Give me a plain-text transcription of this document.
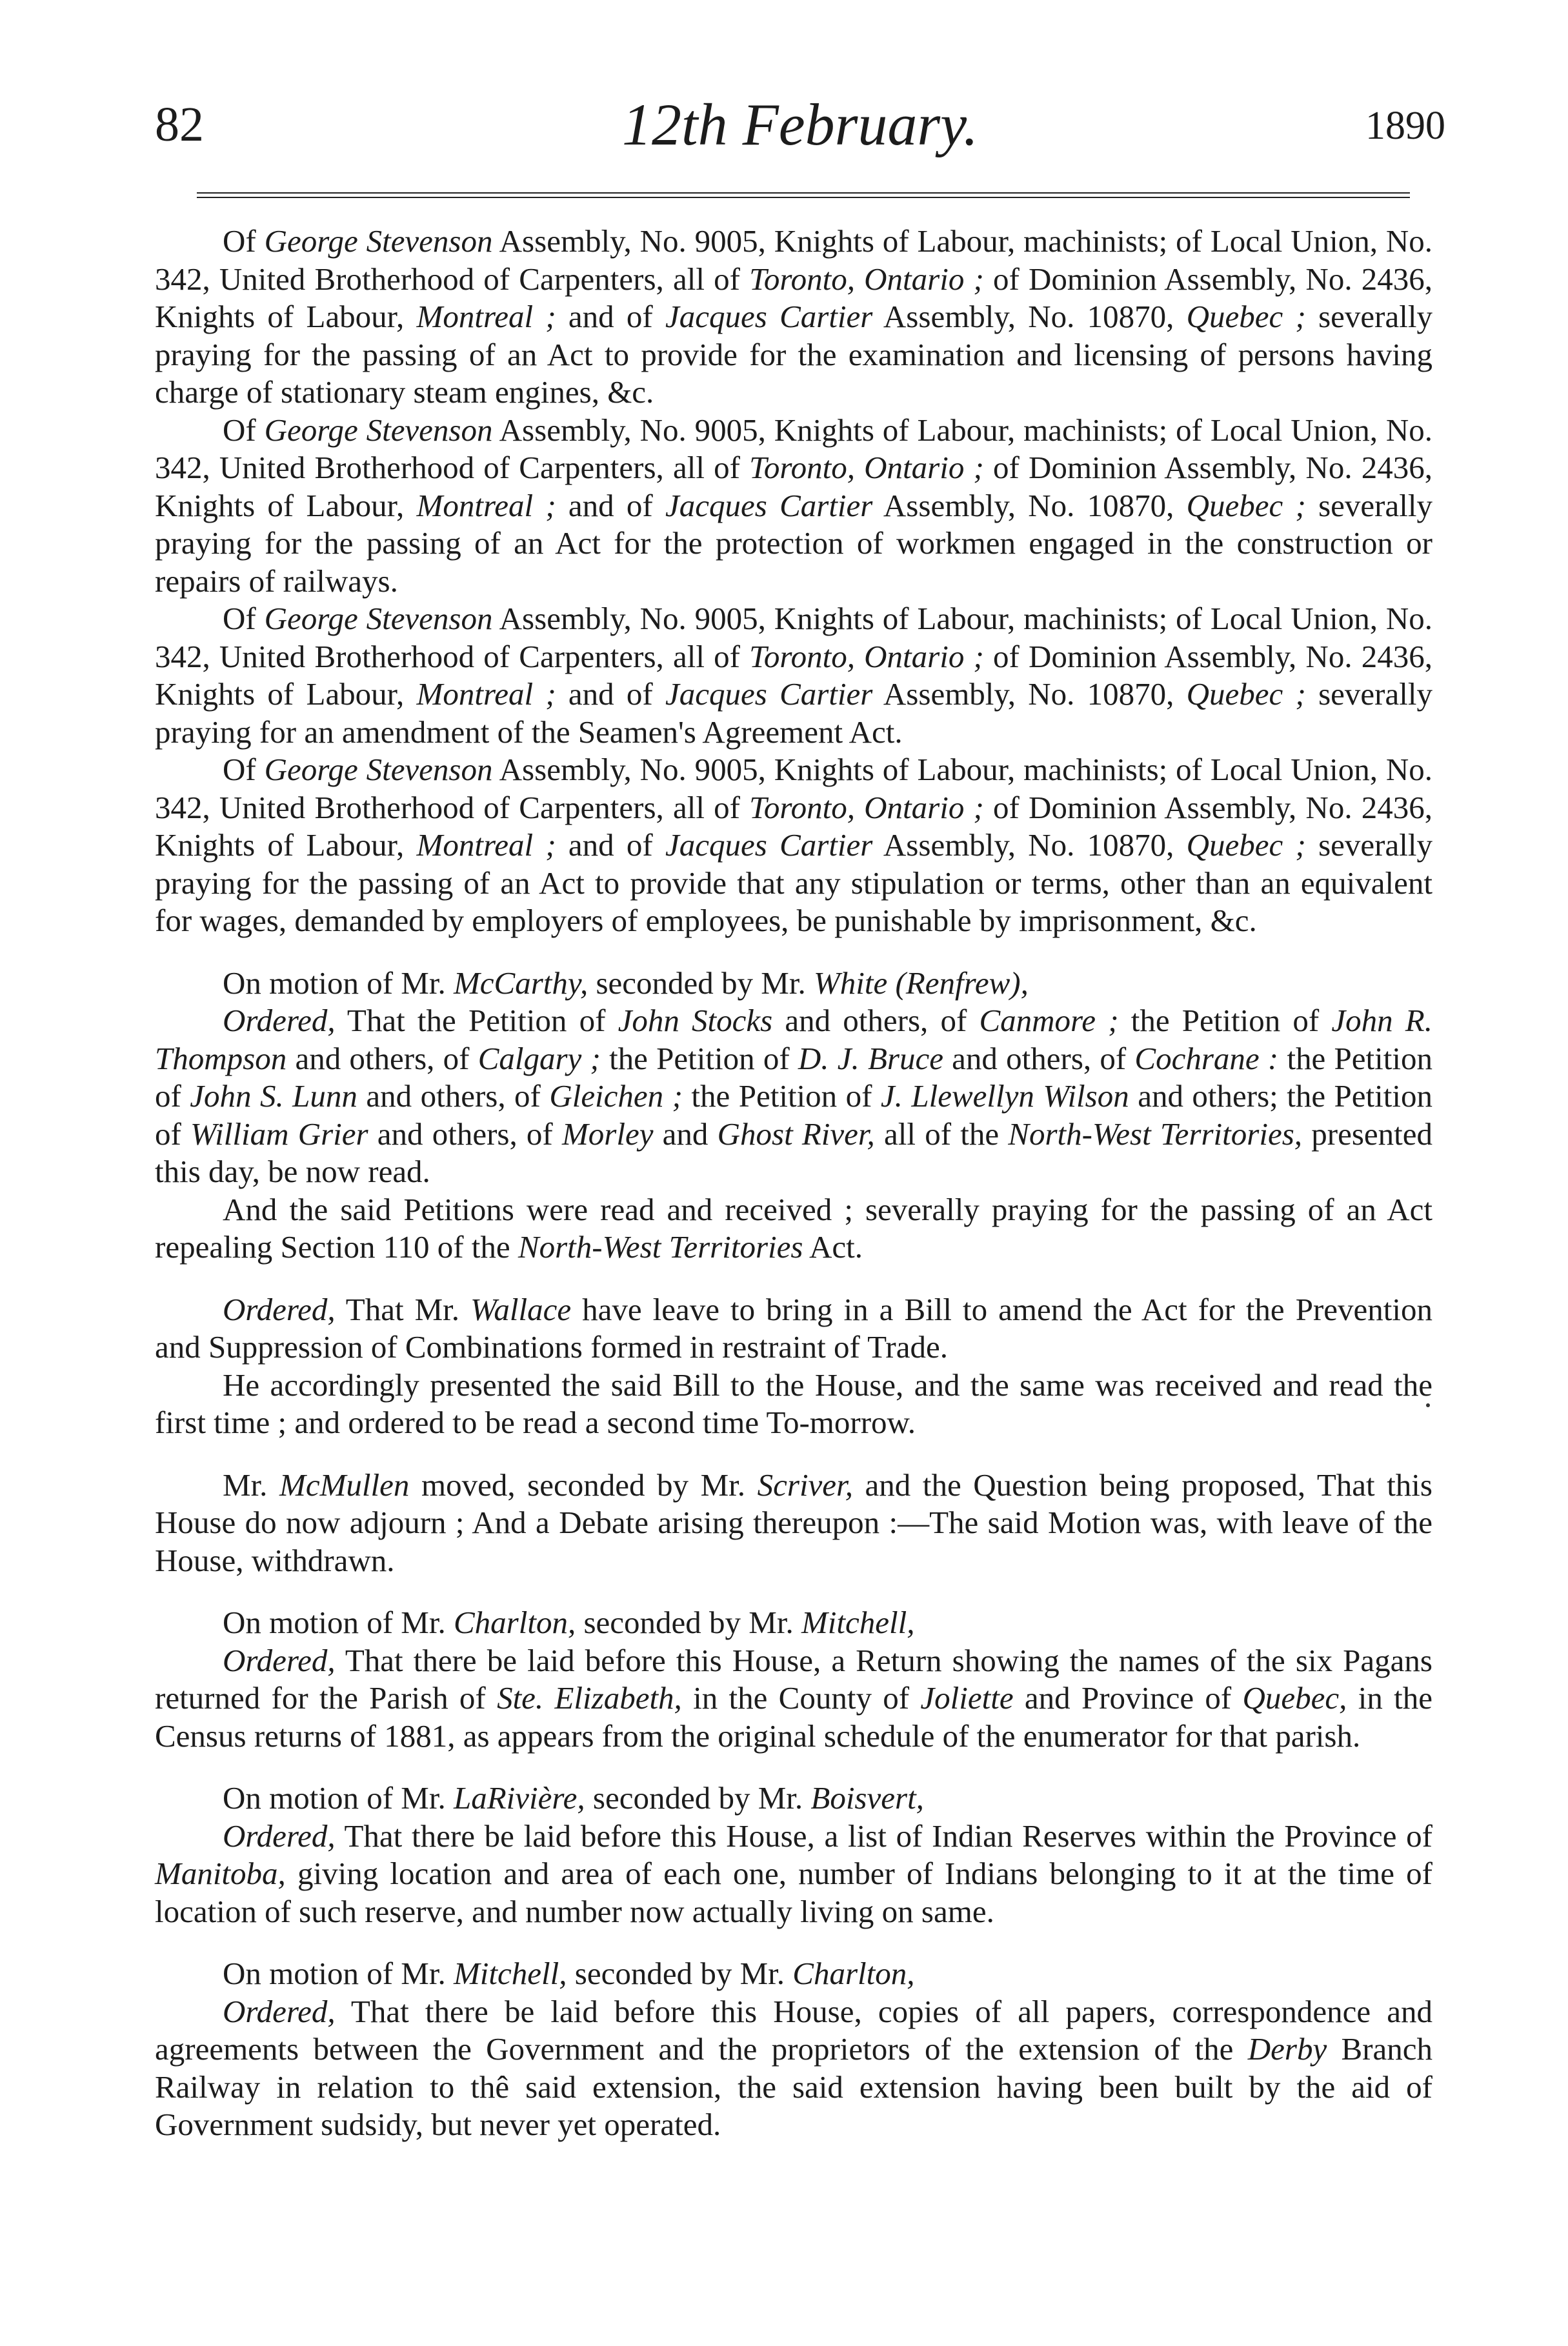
82	12th February.	1890

Of George Stevenson Assembly, No. 9005, Knights of Labour, machinists; of Local Union, No. 342, United Brotherhood of Carpenters, all of Toronto, Ontario ; of Dominion Assembly, No. 2436, Knights of Labour, Montreal ; and of Jacques Cartier Assembly, No. 10870, Quebec ; severally praying for the passing of an Act to provide for the examination and licensing of persons having charge of stationary steam engines, &c.

Of George Stevenson Assembly, No. 9005, Knights of Labour, machinists; of Local Union, No. 342, United Brotherhood of Carpenters, all of Toronto, Ontario ; of Dominion Assembly, No. 2436, Knights of Labour, Montreal ; and of Jacques Cartier Assembly, No. 10870, Quebec ; severally praying for the passing of an Act for the protection of workmen engaged in the construction or repairs of railways.

Of George Stevenson Assembly, No. 9005, Knights of Labour, machinists; of Local Union, No. 342, United Brotherhood of Carpenters, all of Toronto, Ontario ; of Dominion Assembly, No. 2436, Knights of Labour, Montreal ; and of Jacques Cartier Assembly, No. 10870, Quebec ; severally praying for an amendment of the Seamen's Agreement Act.

Of George Stevenson Assembly, No. 9005, Knights of Labour, machinists; of Local Union, No. 342, United Brotherhood of Carpenters, all of Toronto, Ontario ; of Dominion Assembly, No. 2436, Knights of Labour, Montreal ; and of Jacques Cartier Assembly, No. 10870, Quebec ; severally praying for the passing of an Act to provide that any stipulation or terms, other than an equivalent for wages, demanded by employers of employees, be punishable by imprisonment, &c.

On motion of Mr. McCarthy, seconded by Mr. White (Renfrew),

Ordered, That the Petition of John Stocks and others, of Canmore ; the Petition of John R. Thompson and others, of Calgary ; the Petition of D. J. Bruce and others, of Cochrane : the Petition of John S. Lunn and others, of Gleichen ; the Petition of J. Llewellyn Wilson and others; the Petition of William Grier and others, of Morley and Ghost River, all of the North-West Territories, presented this day, be now read.

And the said Petitions were read and received ; severally praying for the passing of an Act repealing Section 110 of the North-West Territories Act.

Ordered, That Mr. Wallace have leave to bring in a Bill to amend the Act for the Prevention and Suppression of Combinations formed in restraint of Trade.

He accordingly presented the said Bill to the House, and the same was received and read the first time ; and ordered to be read a second time To-morrow.

Mr. McMullen moved, seconded by Mr. Scriver, and the Question being proposed, That this House do now adjourn ; And a Debate arising thereupon :—The said Motion was, with leave of the House, withdrawn.

On motion of Mr. Charlton, seconded by Mr. Mitchell,

Ordered, That there be laid before this House, a Return showing the names of the six Pagans returned for the Parish of Ste. Elizabeth, in the County of Joliette and Province of Quebec, in the Census returns of 1881, as appears from the original schedule of the enumerator for that parish.

On motion of Mr. LaRivière, seconded by Mr. Boisvert,

Ordered, That there be laid before this House, a list of Indian Reserves within the Province of Manitoba, giving location and area of each one, number of Indians belonging to it at the time of location of such reserve, and number now actually living on same.

On motion of Mr. Mitchell, seconded by Mr. Charlton,

Ordered, That there be laid before this House, copies of all papers, correspondence and agreements between the Government and the proprietors of the extension of the Derby Branch Railway in relation to thê said extension, the said extension having been built by the aid of Government sudsidy, but never yet operated.
